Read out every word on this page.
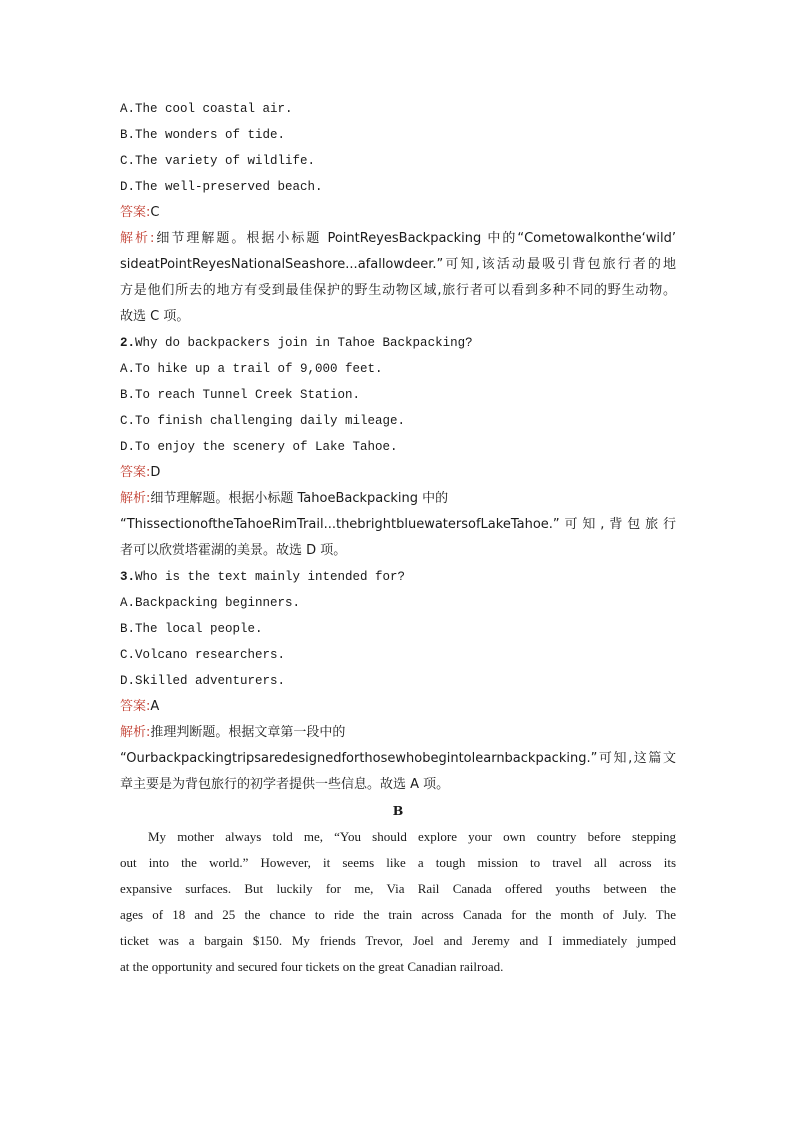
A.The cool coastal air.
B.The wonders of tide.
C.The variety of wildlife.
D.The well-preserved beach.
答案:C
解析:细节理解题。根据小标题 PointReyesBackpacking 中的“Cometowalkonthe‘wild’
sideatPointReyesNationalSeashore...afallowdeer.”可知,该活动最吸引背包旅行者的地
方是他们所去的地方有受到最佳保护的野生动物区域,旅行者可以看到多种不同的野生动物。
故选 C 项。
2.Why do backpackers join in Tahoe Backpacking?
A.To hike up a trail of 9,000 feet.
B.To reach Tunnel Creek Station.
C.To finish challenging daily mileage.
D.To enjoy the scenery of Lake Tahoe.
答案:D
解析:细节理解题。根据小标题 TahoeBackpacking 中的
“ThissectionoftheTahoeRimTrail...thebrightbluewatersofLakeTahoe.”可知,背包旅行
者可以欣赏塔霍湖的美景。故选 D 项。
3.Who is the text mainly intended for?
A.Backpacking beginners.
B.The local people.
C.Volcano researchers.
D.Skilled adventurers.
答案:A
解析:推理判断题。根据文章第一段中的
“Ourbackpackingtripsaredesignedforthosewhobegintolearnbackpacking.”可知,这篇文
章主要是为背包旅行的初学者提供一些信息。故选 A 项。
B
My mother always told me, “You should explore your own country before stepping
out into the world.” However, it seems like a tough mission to travel all across its
expansive surfaces. But luckily for me, Via Rail Canada offered youths between the
ages of 18 and 25 the chance to ride the train across Canada for the month of July. The
ticket was a bargain $150. My friends Trevor, Joel and Jeremy and I immediately jumped
at the opportunity and secured four tickets on the great Canadian railroad.
